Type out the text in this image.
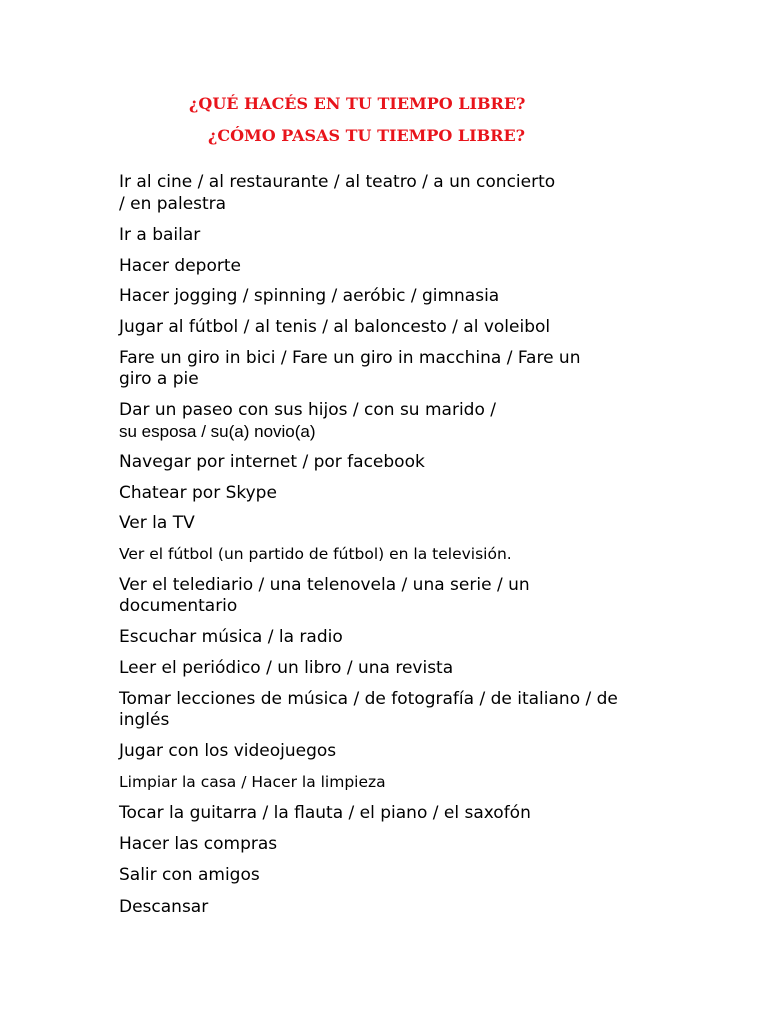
¿QUÉ HACÉS EN TU TIEMPO LIBRE?
¿CÓMO PASAS TU TIEMPO LIBRE?
Ir al cine / al restaurante / al teatro / a un concierto
/ en palestra
Ir a bailar
Hacer deporte
Hacer jogging / spinning / aeróbic / gimnasia
Jugar al fútbol / al tenis / al baloncesto / al voleibol
Fare un giro in bici / Fare un giro in macchina / Fare un
giro a pie
Dar un paseo con sus hijos / con su marido /
su esposa / su(a) novio(a)
Navegar por internet / por facebook
Chatear por Skype
Ver la TV
Ver el fútbol (un partido de fútbol) en la televisión.
Ver el telediario / una telenovela / una serie / un
documentario
Escuchar música / la radio
Leer el periódico / un libro / una revista
Tomar lecciones de música / de fotografía / de italiano / de
inglés
Jugar con los videojuegos
Limpiar la casa / Hacer la limpieza
Tocar la guitarra / la flauta / el piano / el saxofón
Hacer las compras
Salir con amigos
Descansar
